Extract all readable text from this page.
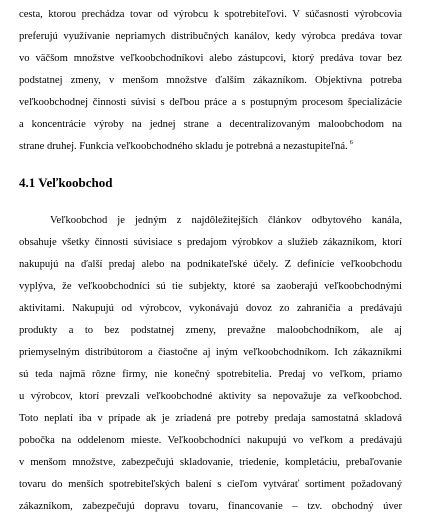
cesta, ktorou prechádza tovar od výrobcu k spotrebiteľovi. V súčasnosti výrobcovia
preferujú využívanie nepriamych distribučných kanálov, kedy výrobca predáva tovar
vo väčšom množstve veľkoobchodníkovi alebo zástupcovi, ktorý predáva tovar bez
podstatnej zmeny, v menšom množstve ďalším zákazníkom. Objektívna potreba
veľkoobchodnej činnosti súvisí s deľbou práce a s postupným procesom špecializácie
a koncentrácie výroby na jednej strane a decentralizovaným maloobchodom na
strane druhej. Funkcia veľkoobchodného skladu je potrebná a nezastupiteľná. $^6$
4.1 Veľkoobchod
Veľkoobchod je jedným z najdôležitejších článkov odbytového kanála,
obsahuje všetky činnosti súvisiace s predajom výrobkov a služieb zákazníkom, ktorí
nakupujú na ďalší predaj alebo na podnikateľské účely. Z definície veľkoobchodu
vyplýva, že veľkoobchodníci sú tie subjekty, ktoré sa zaoberajú veľkoobchodnými
aktivitami. Nakupujú od výrobcov, vykonávajú dovoz zo zahraničia a predávajú
produkty a to bez podstatnej zmeny, prevažne maloobchodníkom, ale aj
priemyselným distribútorom a čiastočne aj iným veľkoobchodníkom. Ich zákazníkmi
sú teda najmä rôzne firmy, nie konečný spotrebitelia. Predaj vo veľkom, priamo
u výrobcov, ktorí prevzali veľkoobchodné aktivity sa nepovažuje za veľkoobchod.
Toto neplatí iba v prípade ak je zriadená pre potreby predaja samostatná skladová
pobočka na oddelenom mieste. Veľkoobchodníci nakupujú vo veľkom a predávajú
v menšom množstve, zabezpečujú skladovanie, triedenie, kompletáciu, prebaľovanie
tovaru do menších spotrebiteľských balení s cieľom vytvárať sortiment požadovaný
zákazníkom, zabezpečujú dopravu tovaru, financovanie – tzv. obchodný úver
